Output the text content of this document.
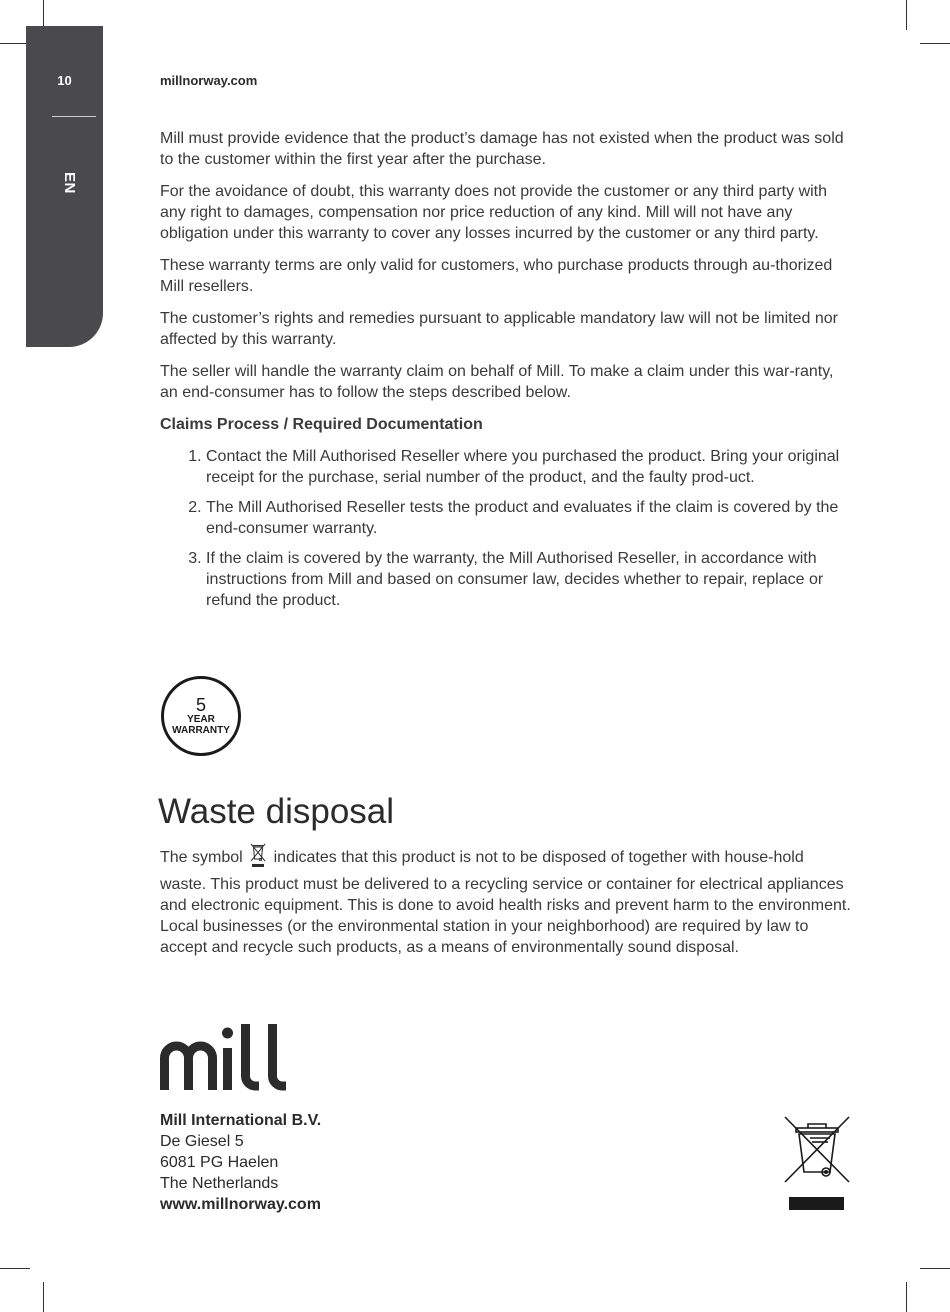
10
EN
millnorway.com

Mill must provide evidence that the product’s damage has not existed when the product was sold to the customer within the first year after the purchase.

For the avoidance of doubt, this warranty does not provide the customer or any third party with any right to damages, compensation nor price reduction of any kind. Mill will not have any obligation under this warranty to cover any losses incurred by the customer or any third party.

These warranty terms are only valid for customers, who purchase products through au-thorized Mill resellers.

The customer’s rights and remedies pursuant to applicable mandatory law will not be limited nor affected by this warranty.

The seller will handle the warranty claim on behalf of Mill. To make a claim under this war-ranty, an end-consumer has to follow the steps described below.

Claims Process / Required Documentation
1. Contact the Mill Authorised Reseller where you purchased the product. Bring your original receipt for the purchase, serial number of the product, and the faulty prod-uct.
2. The Mill Authorised Reseller tests the product and evaluates if the claim is covered by the end-consumer warranty.
3. If the claim is covered by the warranty, the Mill Authorised Reseller, in accordance with instructions from Mill and based on consumer law, decides whether to repair, replace or refund the product.
5
YEAR
WARRANTY
Waste disposal

The symbol indicates that this product is not to be disposed of together with house-hold waste. This product must be delivered to a recycling service or container for electrical appliances and electronic equipment. This is done to avoid health risks and prevent harm to the environment. Local businesses (or the environmental station in your neighborhood) are required by law to accept and recycle such products, as a means of environmentally sound disposal.

Mill International B.V.
De Giesel 5
6081 PG Haelen
The Netherlands
www.millnorway.com
